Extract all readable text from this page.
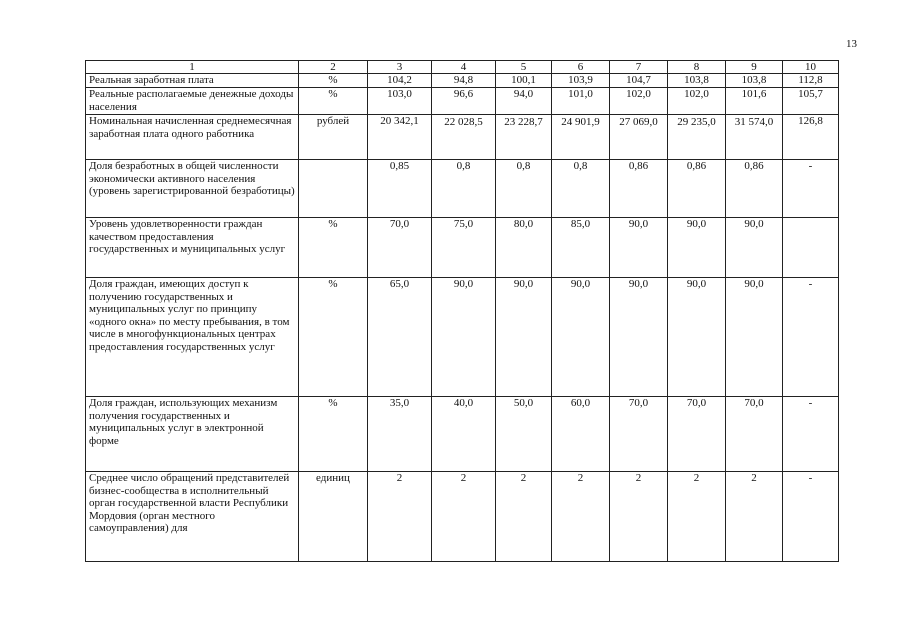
13
1	2	3	4	5	6	7	8	9	10
Реальная заработная плата	%	104,2	94,8	100,1	103,9	104,7	103,8	103,8	112,8
Реальные располагаемые денежные доходы населения	%	103,0	96,6	94,0	101,0	102,0	102,0	101,6	105,7
Номинальная начисленная среднемесячная заработная плата одного работника	рублей	20 342,1	22 028,5	23 228,7	24 901,9	27 069,0	29 235,0	31 574,0	126,8
Доля безработных в общей численности экономически активного населения (уровень зарегистрированной безработицы)		0,85	0,8	0,8	0,8	0,86	0,86	0,86	-
Уровень удовлетворенности граждан качеством предоставления государственных и муниципальных услуг	%	70,0	75,0	80,0	85,0	90,0	90,0	90,0	
Доля граждан, имеющих доступ к получению государственных и муниципальных услуг по принципу «одного окна» по месту пребывания, в том числе в многофункциональных центрах предоставления государственных услуг	%	65,0	90,0	90,0	90,0	90,0	90,0	90,0	-
Доля граждан, использующих механизм получения государственных и муниципальных услуг в электронной форме	%	35,0	40,0	50,0	60,0	70,0	70,0	70,0	-
Среднее число обращений представителей бизнес-сообщества в исполнительный орган государственной власти Республики Мордовия (орган местного самоуправления) для	единиц	2	2	2	2	2	2	2	-
